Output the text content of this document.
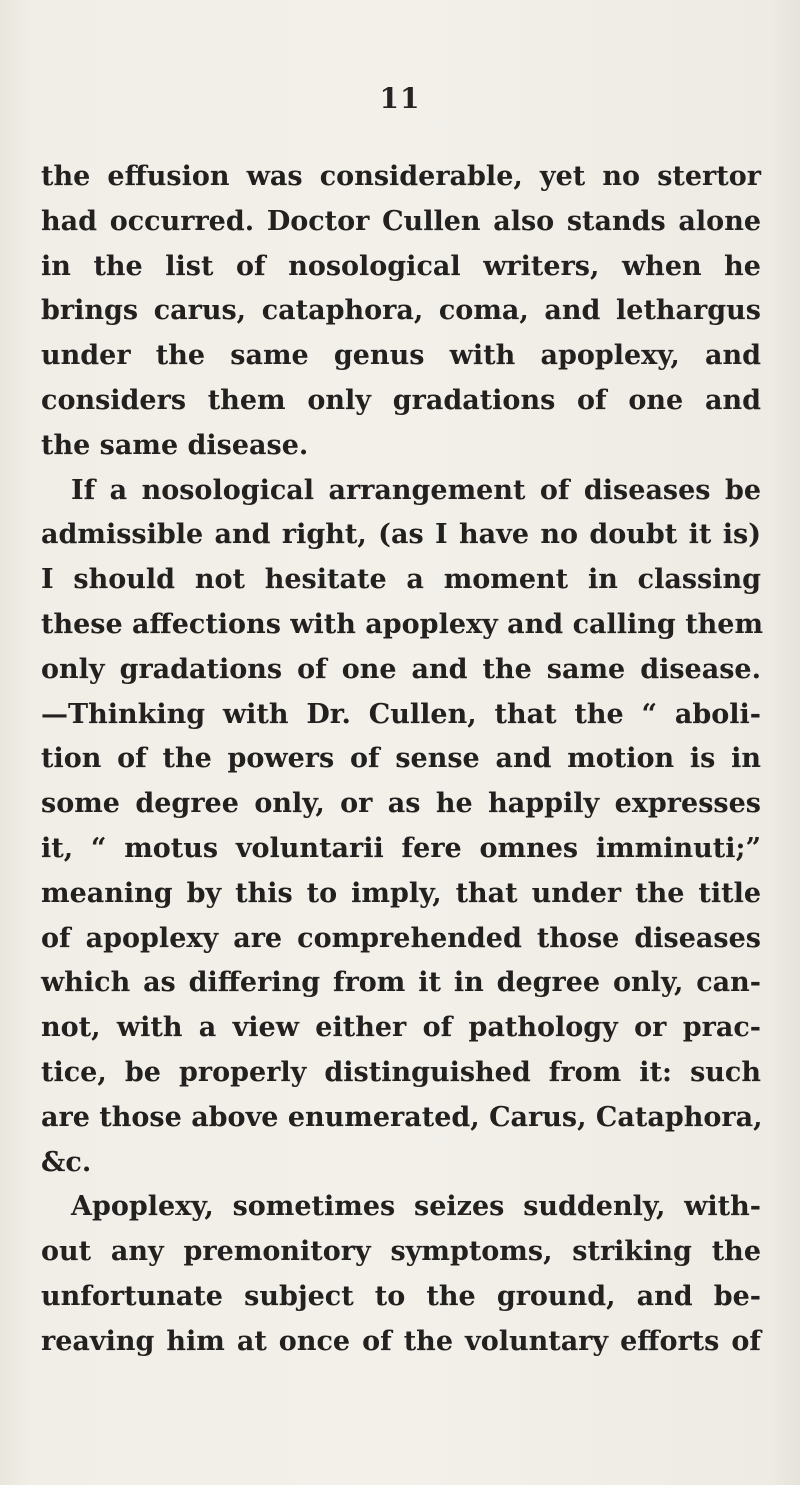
11
the effusion was considerable, yet no stertor
had occurred. Doctor Cullen also stands alone
in the list of nosological writers, when he
brings carus, cataphora, coma, and lethargus
under the same genus with apoplexy, and
considers them only gradations of one and
the same disease.
If a nosological arrangement of diseases be
admissible and right, (as I have no doubt it is)
I should not hesitate a moment in classing
these affections with apoplexy and calling them
only gradations of one and the same disease.
—Thinking with Dr. Cullen, that the “ aboli-
tion of the powers of sense and motion is in
some degree only, or as he happily expresses
it, “ motus voluntarii fere omnes imminuti;”
meaning by this to imply, that under the title
of apoplexy are comprehended those diseases
which as differing from it in degree only, can-
not, with a view either of pathology or prac-
tice, be properly distinguished from it: such
are those above enumerated, Carus, Cataphora,
&c.
Apoplexy, sometimes seizes suddenly, with-
out any premonitory symptoms, striking the
unfortunate subject to the ground, and be-
reaving him at once of the voluntary efforts of
